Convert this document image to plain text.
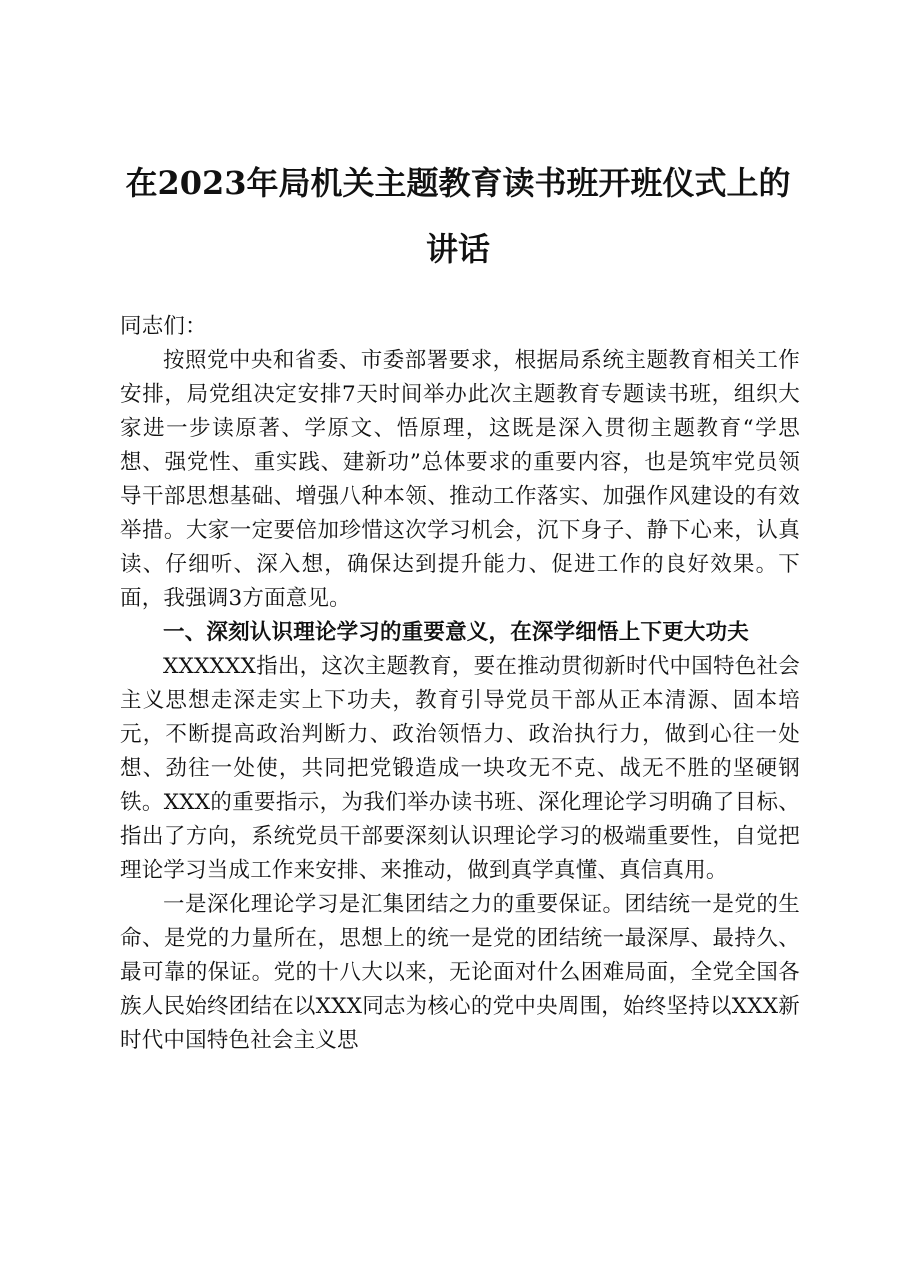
在2023年局机关主题教育读书班开班仪式上的讲话

同志们：

按照党中央和省委、市委部署要求，根据局系统主题教育相关工作安排，局党组决定安排7天时间举办此次主题教育专题读书班，组织大家进一步读原著、学原文、悟原理，这既是深入贯彻主题教育“学思想、强党性、重实践、建新功”总体要求的重要内容，也是筑牢党员领导干部思想基础、增强八种本领、推动工作落实、加强作风建设的有效举措。大家一定要倍加珍惜这次学习机会，沉下身子、静下心来，认真读、仔细听、深入想，确保达到提升能力、促进工作的良好效果。下面，我强调3方面意见。

一、深刻认识理论学习的重要意义，在深学细悟上下更大功夫

XXXXXX指出，这次主题教育，要在推动贯彻新时代中国特色社会主义思想走深走实上下功夫，教育引导党员干部从正本清源、固本培元，不断提高政治判断力、政治领悟力、政治执行力，做到心往一处想、劲往一处使，共同把党锻造成一块攻无不克、战无不胜的坚硬钢铁。XXX的重要指示，为我们举办读书班、深化理论学习明确了目标、指出了方向，系统党员干部要深刻认识理论学习的极端重要性，自觉把理论学习当成工作来安排、来推动，做到真学真懂、真信真用。

一是深化理论学习是汇集团结之力的重要保证。团结统一是党的生命、是党的力量所在，思想上的统一是党的团结统一最深厚、最持久、最可靠的保证。党的十八大以来，无论面对什么困难局面，全党全国各族人民始终团结在以XXX同志为核心的党中央周围，始终坚持以XXX新时代中国特色社会主义思
